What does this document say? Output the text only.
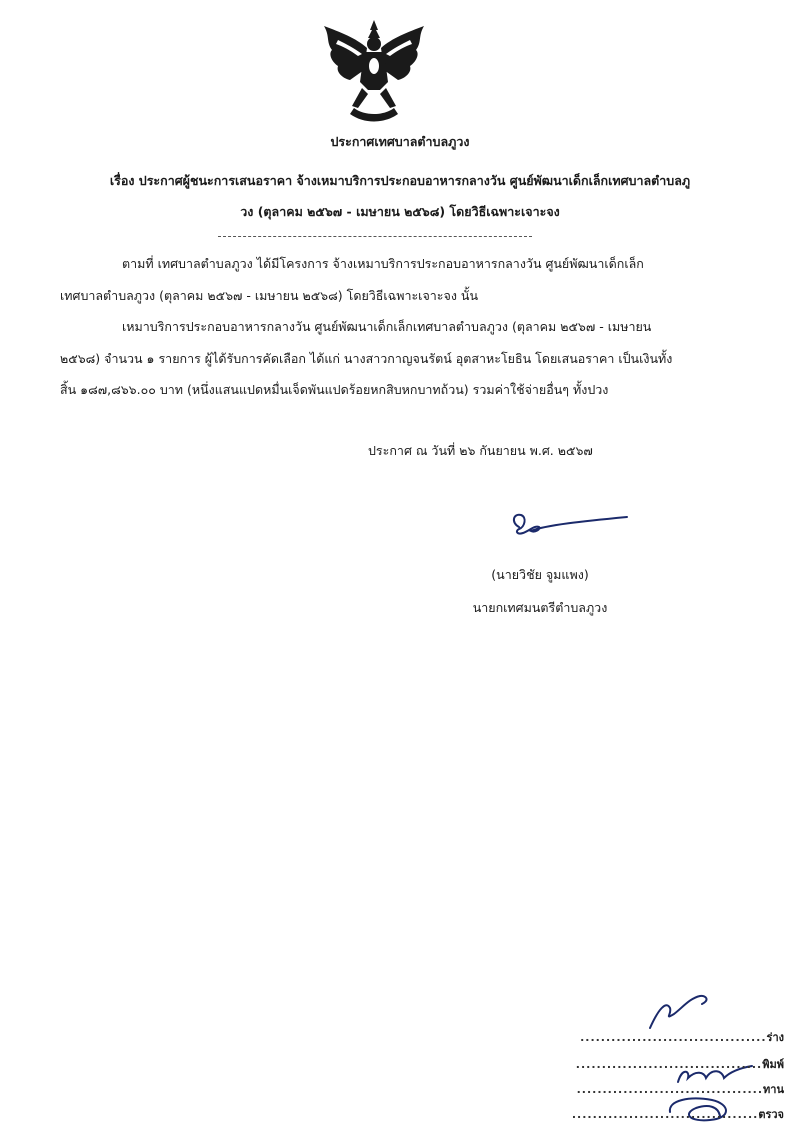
ประกาศเทศบาลตำบลภูวง
เรื่อง ประกาศผู้ชนะการเสนอราคา จ้างเหมาบริการประกอบอาหารกลางวัน ศูนย์พัฒนาเด็กเล็กเทศบาลตำบลภู
วง (ตุลาคม ๒๕๖๗ - เมษายน ๒๕๖๘) โดยวิธีเฉพาะเจาะจง
ตามที่ เทศบาลตำบลภูวง ได้มีโครงการ จ้างเหมาบริการประกอบอาหารกลางวัน ศูนย์พัฒนาเด็กเล็ก
เทศบาลตำบลภูวง (ตุลาคม ๒๕๖๗ - เมษายน ๒๕๖๘) โดยวิธีเฉพาะเจาะจง นั้น
เหมาบริการประกอบอาหารกลางวัน ศูนย์พัฒนาเด็กเล็กเทศบาลตำบลภูวง (ตุลาคม ๒๕๖๗ - เมษายน
๒๕๖๘) จำนวน ๑ รายการ ผู้ได้รับการคัดเลือก ได้แก่ นางสาวกาญจนรัตน์ อุตสาหะโยธิน โดยเสนอราคา เป็นเงินทั้ง
สิ้น ๑๘๗,๘๖๖.๐๐ บาท (หนึ่งแสนแปดหมื่นเจ็ดพันแปดร้อยหกสิบหกบาทถ้วน) รวมค่าใช้จ่ายอื่นๆ ทั้งปวง
ประกาศ ณ วันที่ ๒๖ กันยายน พ.ศ. ๒๕๖๗
(นายวิชัย จูมแพง)
นายกเทศมนตรีตำบลภูวง
....................................ร่าง
....................................พิมพ์
....................................ทาน
....................................ตรวจ
